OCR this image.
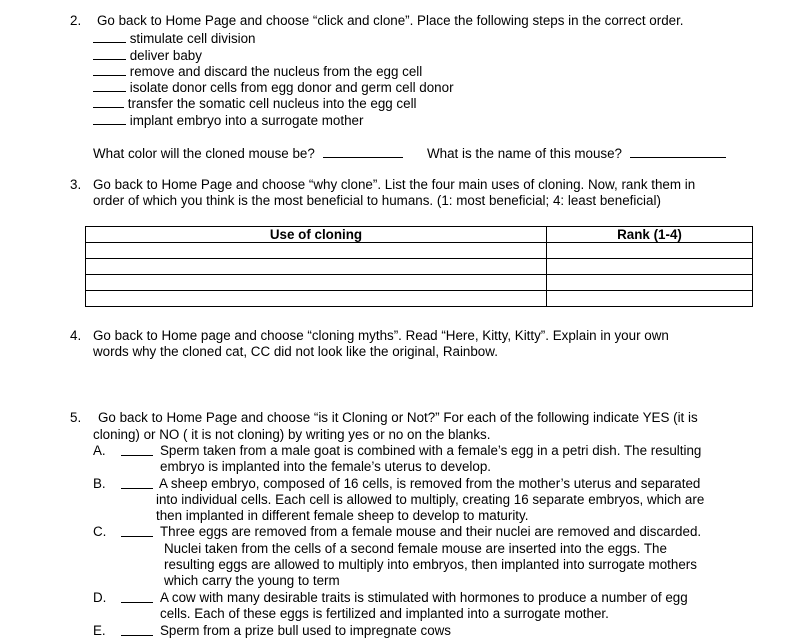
2. Go back to Home Page and choose “click and clone”. Place the following steps in the correct order.
stimulate cell division
deliver baby
remove and discard the nucleus from the egg cell
isolate donor cells from egg donor and germ cell donor
transfer the somatic cell nucleus into the egg cell
implant embryo into a surrogate mother
What color will the cloned mouse be?	What is the name of this mouse?
3. Go back to Home Page and choose “why clone”. List the four main uses of cloning. Now, rank them in
order of which you think is the most beneficial to humans. (1: most beneficial; 4: least beneficial)
Use of cloning	Rank (1-4)

4. Go back to Home page and choose “cloning myths”. Read “Here, Kitty, Kitty”. Explain in your own
words why the cloned cat, CC did not look like the original, Rainbow.
5. Go back to Home Page and choose “is it Cloning or Not?” For each of the following indicate YES (it is
cloning) or NO ( it is not cloning) by writing yes or no on the blanks.
A.	Sperm taken from a male goat is combined with a female’s egg in a petri dish. The resulting
embryo is implanted into the female’s uterus to develop.
B.	A sheep embryo, composed of 16 cells, is removed from the mother’s uterus and separated
into individual cells. Each cell is allowed to multiply, creating 16 separate embryos, which are
then implanted in different female sheep to develop to maturity.
C.	Three eggs are removed from a female mouse and their nuclei are removed and discarded.
Nuclei taken from the cells of a second female mouse are inserted into the eggs. The
resulting eggs are allowed to multiply into embryos, then implanted into surrogate mothers
which carry the young to term
D.	A cow with many desirable traits is stimulated with hormones to produce a number of egg
cells. Each of these eggs is fertilized and implanted into a surrogate mother.
E.	Sperm from a prize bull used to impregnate cows
